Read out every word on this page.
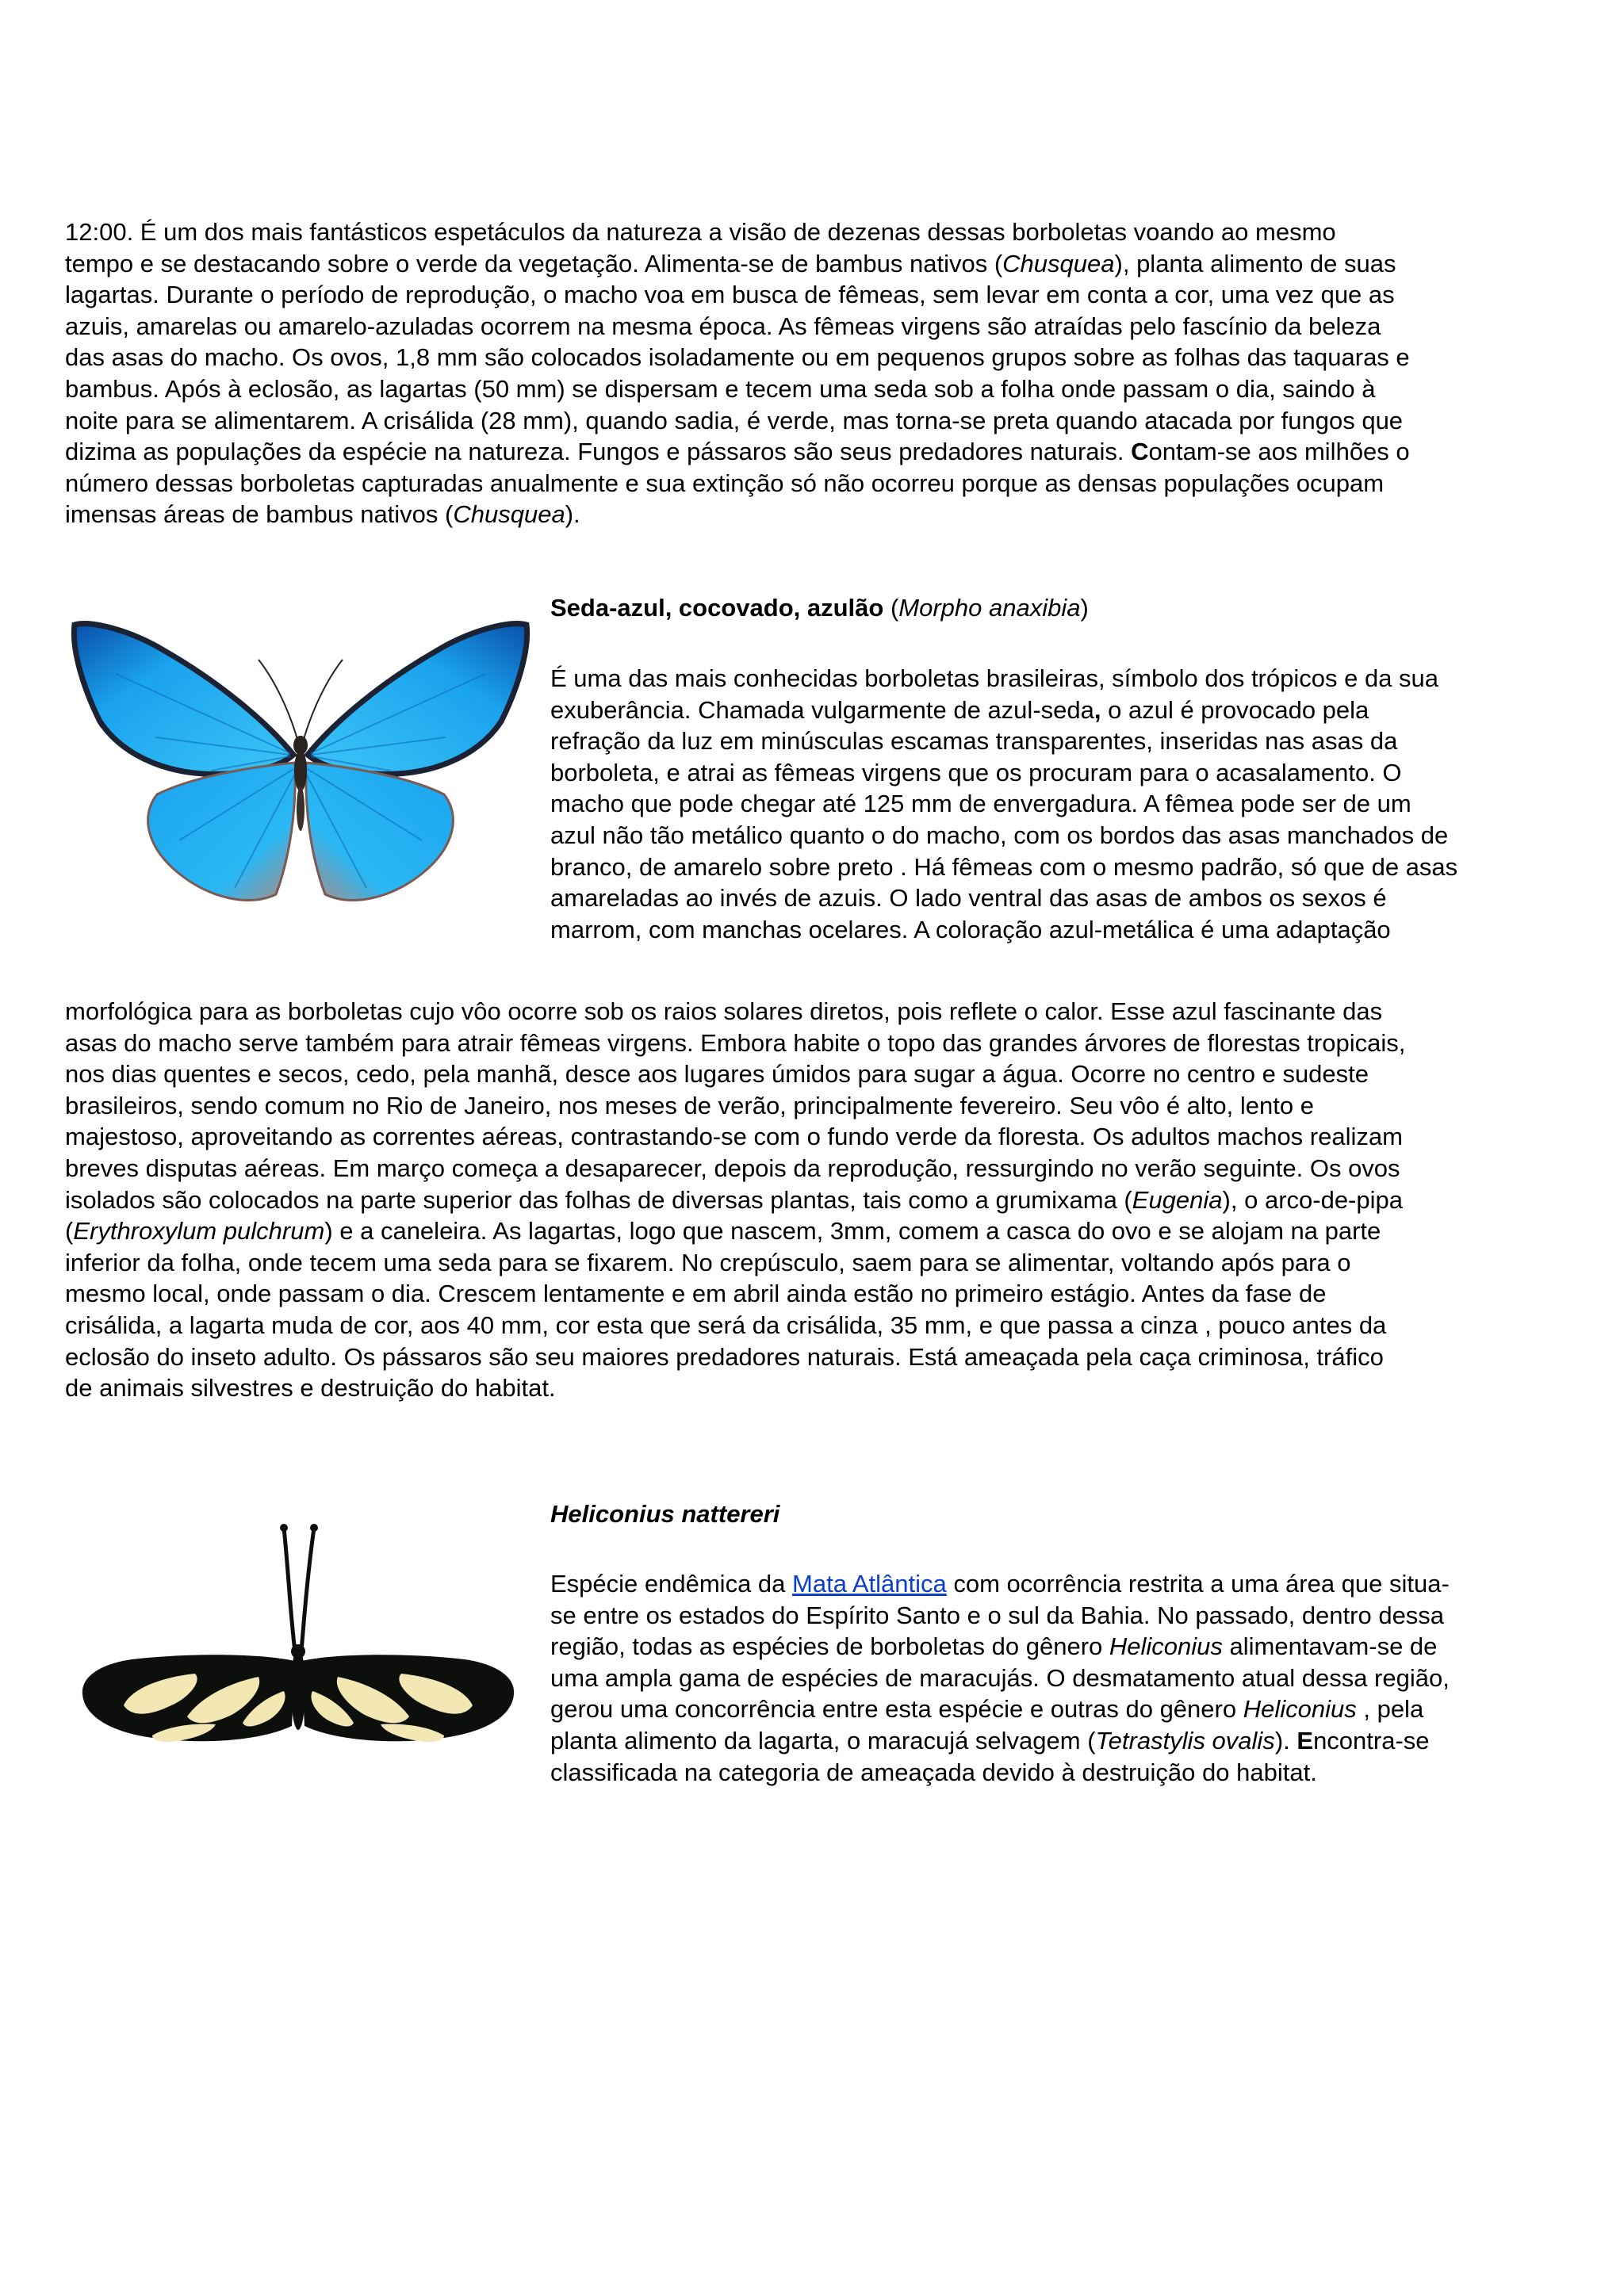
12:00. É um dos mais fantásticos espetáculos da natureza a visão de dezenas dessas borboletas voando ao mesmo
tempo e se destacando sobre o verde da vegetação. Alimenta-se de bambus nativos (Chusquea), planta alimento de suas
lagartas. Durante o período de reprodução, o macho voa em busca de fêmeas, sem levar em conta a cor, uma vez que as
azuis, amarelas ou amarelo-azuladas ocorrem na mesma época. As fêmeas virgens são atraídas pelo fascínio da beleza
das asas do macho. Os ovos, 1,8 mm são colocados isoladamente ou em pequenos grupos sobre as folhas das taquaras e
bambus. Após à eclosão, as lagartas (50 mm) se dispersam e tecem uma seda sob a folha onde passam o dia, saindo à
noite para se alimentarem. A crisálida (28 mm), quando sadia, é verde, mas torna-se preta quando atacada por fungos que
dizima as populações da espécie na natureza. Fungos e pássaros são seus predadores naturais. Contam-se aos milhões o
número dessas borboletas capturadas anualmente e sua extinção só não ocorreu porque as densas populações ocupam
imensas áreas de bambus nativos (Chusquea).
Seda-azul, cocovado, azulão (Morpho anaxibia)
É uma das mais conhecidas borboletas brasileiras, símbolo dos trópicos e da sua
exuberância. Chamada vulgarmente de azul-seda, o azul é provocado pela
refração da luz em minúsculas escamas transparentes, inseridas nas asas da
borboleta, e atrai as fêmeas virgens que os procuram para o acasalamento. O
macho que pode chegar até 125 mm de envergadura. A fêmea pode ser de um
azul não tão metálico quanto o do macho, com os bordos das asas manchados de
branco, de amarelo sobre preto . Há fêmeas com o mesmo padrão, só que de asas
amareladas ao invés de azuis. O lado ventral das asas de ambos os sexos é
marrom, com manchas ocelares. A coloração azul-metálica é uma adaptação
morfológica para as borboletas cujo vôo ocorre sob os raios solares diretos, pois reflete o calor. Esse azul fascinante das
asas do macho serve também para atrair fêmeas virgens. Embora habite o topo das grandes árvores de florestas tropicais,
nos dias quentes e secos, cedo, pela manhã, desce aos lugares úmidos para sugar a água. Ocorre no centro e sudeste
brasileiros, sendo comum no Rio de Janeiro, nos meses de verão, principalmente fevereiro. Seu vôo é alto, lento e
majestoso, aproveitando as correntes aéreas, contrastando-se com o fundo verde da floresta. Os adultos machos realizam
breves disputas aéreas. Em março começa a desaparecer, depois da reprodução, ressurgindo no verão seguinte. Os ovos
isolados são colocados na parte superior das folhas de diversas plantas, tais como a grumixama (Eugenia), o arco-de-pipa
(Erythroxylum pulchrum) e a caneleira. As lagartas, logo que nascem, 3mm, comem a casca do ovo e se alojam na parte
inferior da folha, onde tecem uma seda para se fixarem. No crepúsculo, saem para se alimentar, voltando após para o
mesmo local, onde passam o dia. Crescem lentamente e em abril ainda estão no primeiro estágio. Antes da fase de
crisálida, a lagarta muda de cor, aos 40 mm, cor esta que será da crisálida, 35 mm, e que passa a cinza , pouco antes da
eclosão do inseto adulto. Os pássaros são seu maiores predadores naturais. Está ameaçada pela caça criminosa, tráfico
de animais silvestres e destruição do habitat.
Heliconius nattereri
Espécie endêmica da Mata Atlântica com ocorrência restrita a uma área que situa-
se entre os estados do Espírito Santo e o sul da Bahia. No passado, dentro dessa
região, todas as espécies de borboletas do gênero Heliconius alimentavam-se de
uma ampla gama de espécies de maracujás. O desmatamento atual dessa região,
gerou uma concorrência entre esta espécie e outras do gênero Heliconius , pela
planta alimento da lagarta, o maracujá selvagem (Tetrastylis ovalis). Encontra-se
classificada na categoria de ameaçada devido à destruição do habitat.
